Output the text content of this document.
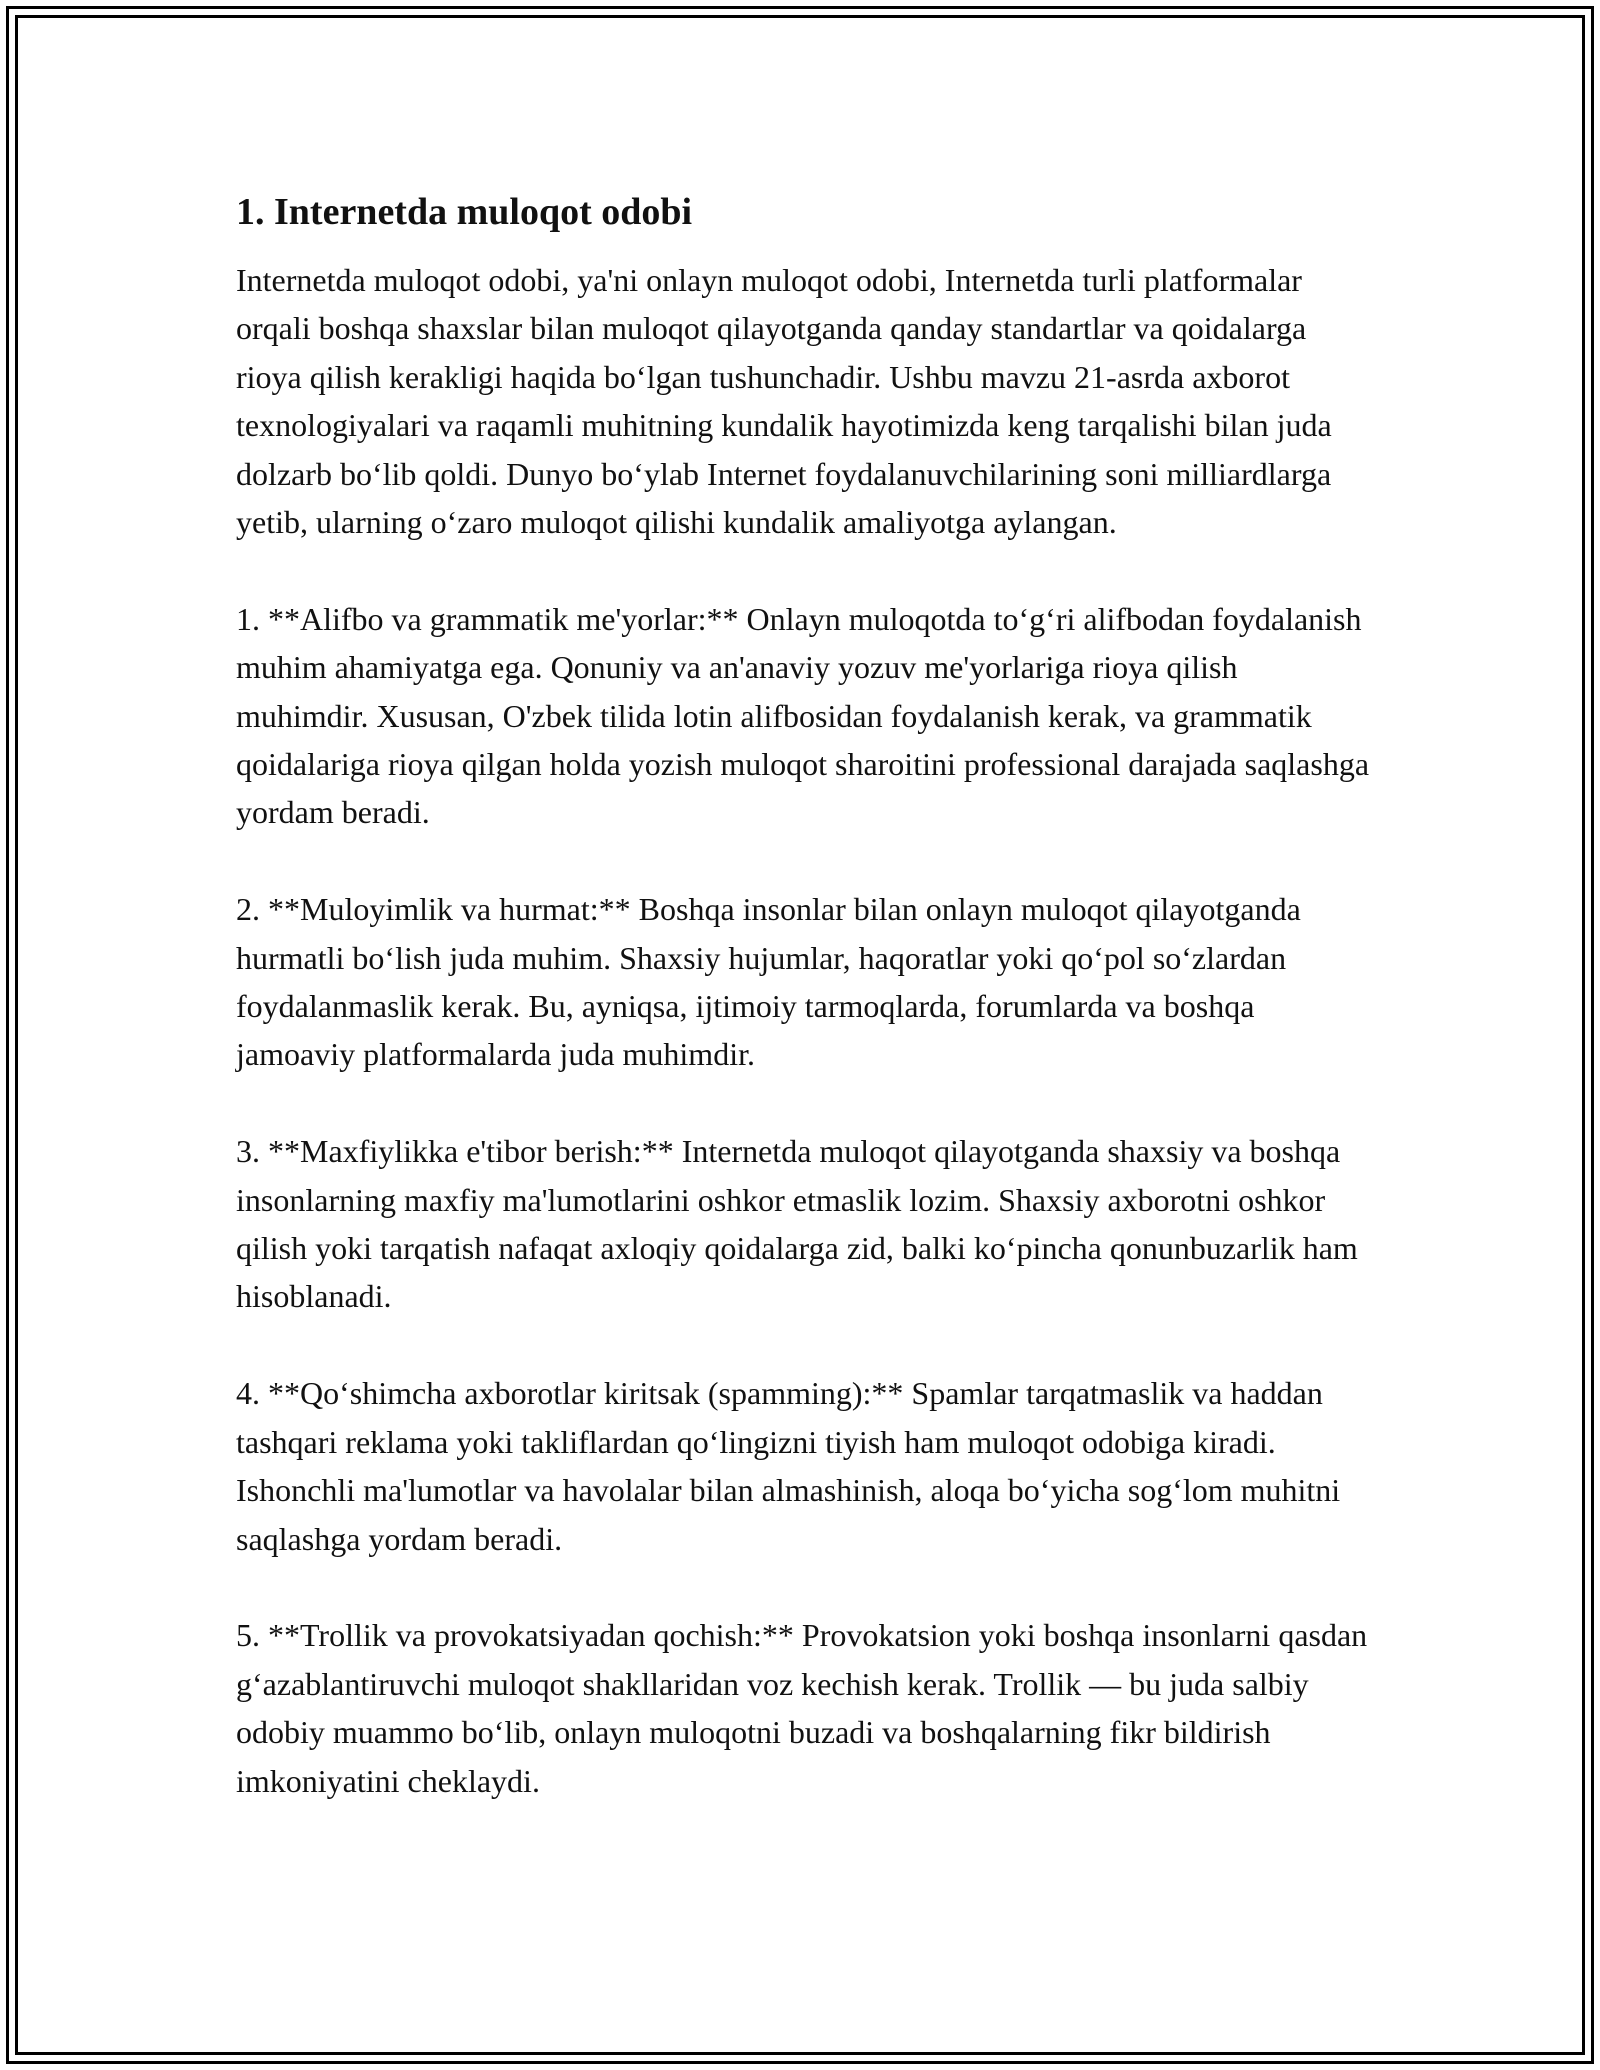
1. Internetda muloqot odobi

Internetda muloqot odobi, ya'ni onlayn muloqot odobi, Internetda turli platformalar orqali boshqa shaxslar bilan muloqot qilayotganda qanday standartlar va qoidalarga rioya qilish kerakligi haqida bo‘lgan tushunchadir. Ushbu mavzu 21-asrda axborot texnologiyalari va raqamli muhitning kundalik hayotimizda keng tarqalishi bilan juda dolzarb bo‘lib qoldi. Dunyo bo‘ylab Internet foydalanuvchilarining soni milliardlarga yetib, ularning o‘zaro muloqot qilishi kundalik amaliyotga aylangan.

1. **Alifbo va grammatik me'yorlar:** Onlayn muloqotda to‘g‘ri alifbodan foydalanish muhim ahamiyatga ega. Qonuniy va an'anaviy yozuv me'yorlariga rioya qilish muhimdir. Xususan, O'zbek tilida lotin alifbosidan foydalanish kerak, va grammatik qoidalariga rioya qilgan holda yozish muloqot sharoitini professional darajada saqlashga yordam beradi.

2. **Muloyimlik va hurmat:** Boshqa insonlar bilan onlayn muloqot qilayotganda hurmatli bo‘lish juda muhim. Shaxsiy hujumlar, haqoratlar yoki qo‘pol so‘zlardan foydalanmaslik kerak. Bu, ayniqsa, ijtimoiy tarmoqlarda, forumlarda va boshqa jamoaviy platformalarda juda muhimdir.

3. **Maxfiylikka e'tibor berish:** Internetda muloqot qilayotganda shaxsiy va boshqa insonlarning maxfiy ma'lumotlarini oshkor etmaslik lozim. Shaxsiy axborotni oshkor qilish yoki tarqatish nafaqat axloqiy qoidalarga zid, balki ko‘pincha qonunbuzarlik ham hisoblanadi.

4. **Qo‘shimcha axborotlar kiritsak (spamming):** Spamlar tarqatmaslik va haddan tashqari reklama yoki takliflardan qo‘lingizni tiyish ham muloqot odobiga kiradi. Ishonchli ma'lumotlar va havolalar bilan almashinish, aloqa bo‘yicha sog‘lom muhitni saqlashga yordam beradi.

5. **Trollik va provokatsiyadan qochish:** Provokatsion yoki boshqa insonlarni qasdan g‘azablantiruvchi muloqot shakllaridan voz kechish kerak. Trollik — bu juda salbiy odobiy muammo bo‘lib, onlayn muloqotni buzadi va boshqalarning fikr bildirish imkoniyatini cheklaydi.
